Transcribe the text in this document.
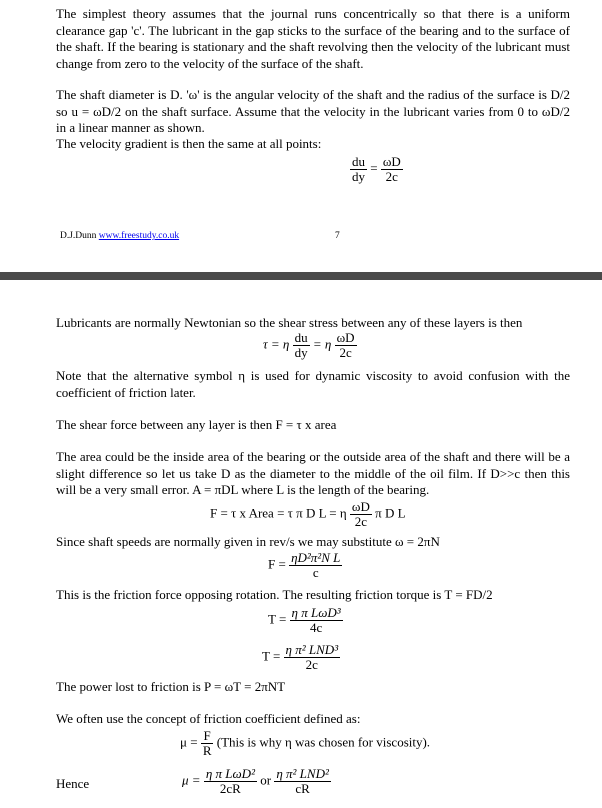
The simplest theory assumes that the journal runs concentrically so that there is a uniform clearance gap 'c'. The lubricant in the gap sticks to the surface of the bearing and to the surface of the shaft. If the bearing is stationary and the shaft revolving then the velocity of the lubricant must change from zero to the velocity of the surface of the shaft.

The shaft diameter is D. 'ω' is the angular velocity of the shaft and the radius of the surface is D/2 so u = ωD/2 on the shaft surface. Assume that the velocity in the lubricant varies from 0 to ωD/2 in a linear manner as shown.

The velocity gradient is then the same at all points:

$\frac{du}{dy} = \frac{\omega D}{2c}$
D.J.Dunn www.freestudy.co.uk	7

Lubricants are normally Newtonian so the shear stress between any of these layers is then

τ = η $\frac{du}{dy} = \eta \frac{\omega D}{2c}$

Note that the alternative symbol η is used for dynamic viscosity to avoid confusion with the coefficient of friction later.

The shear force between any layer is then F = τ x area

The area could be the inside area of the bearing or the outside area of the shaft and there will be a slight difference so let us take D as the diameter to the middle of the oil film. If D>>c then this will be a very small error. A = πDL where L is the length of the bearing.

F = τ x Area = τ π D L = η $\frac{\omega D}{2c}$ π D L

Since shaft speeds are normally given in rev/s we may substitute ω = 2πN

$F = \frac{\text{ηD²π²N L}}{c}$

This is the friction force opposing rotation. The resulting friction torque is T = FD/2

$T = \frac{\text{η π LωD³}}{4c}$
$T = \frac{\text{η π² LND³}}{2c}$

The power lost to friction is P = ωT = 2πNT

We often use the concept of friction coefficient defined as:

$\mu = \frac{F}{R}$ (This is why η was chosen for viscosity).
Hence	$\mu = \frac{\text{η π LωD²}}{2cR}$ or $\frac{\text{η π² LND²}}{cR}$
